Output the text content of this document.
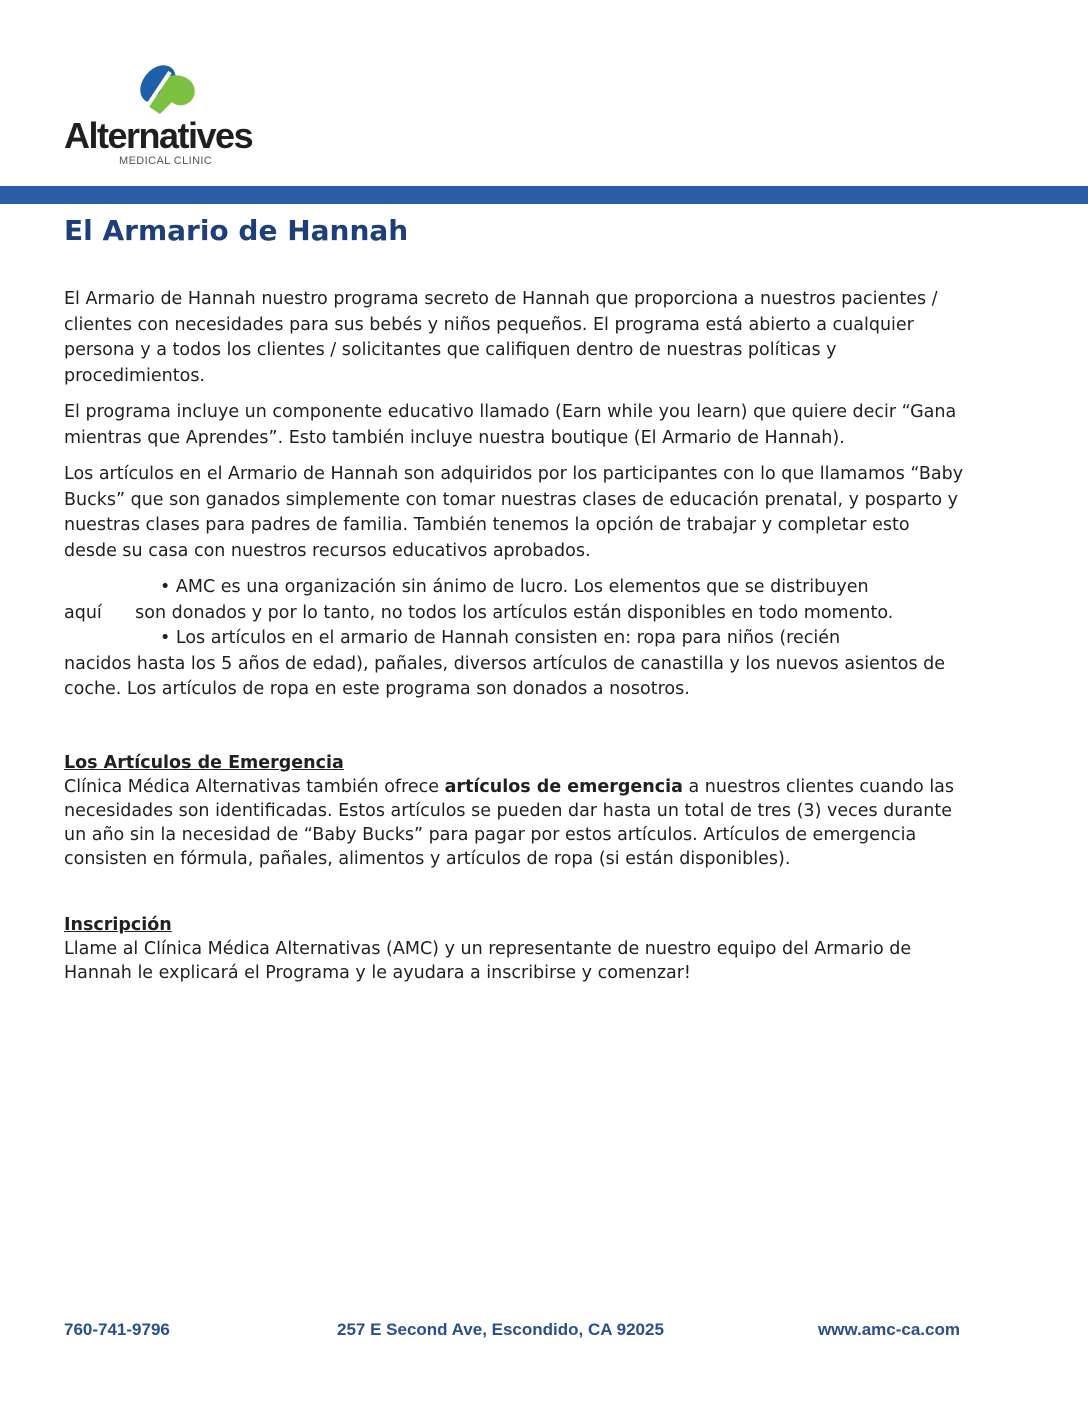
Alternatives
MEDICAL CLINIC
El Armario de Hannah

El Armario de Hannah nuestro programa secreto de Hannah que proporciona a nuestros pacientes / clientes con necesidades para sus bebés y niños pequeños. El programa está abierto a cualquier persona y a todos los clientes / solicitantes que califiquen dentro de nuestras políticas y procedimientos.

El programa incluye un componente educativo llamado (Earn while you learn) que quiere decir “Gana mientras que Aprendes”. Esto también incluye nuestra boutique (El Armario de Hannah).

Los artículos en el Armario de Hannah son adquiridos por los participantes con lo que llamamos “Baby Bucks” que son ganados simplemente con tomar nuestras clases de educación prenatal, y posparto y nuestras clases para padres de familia. También tenemos la opción de trabajar y completar esto desde su casa con nuestros recursos educativos aprobados.

• AMC es una organización sin ánimo de lucro. Los elementos que se distribuyen
aquí      son donados y por lo tanto, no todos los artículos están disponibles en todo momento.

• Los artículos en el armario de Hannah consisten en: ropa para niños (recién
nacidos hasta los 5 años de edad), pañales, diversos artículos de canastilla y los nuevos asientos de coche. Los artículos de ropa en este programa son donados a nosotros.

Los Artículos de Emergencia

Clínica Médica Alternativas también ofrece artículos de emergencia a nuestros clientes cuando las necesidades son identificadas. Estos artículos se pueden dar hasta un total de tres (3) veces durante un año sin la necesidad de “Baby Bucks” para pagar por estos artículos. Artículos de emergencia consisten en fórmula, pañales, alimentos y artículos de ropa (si están disponibles).

Inscripción

Llame al Clínica Médica Alternativas (AMC) y un representante de nuestro equipo del Armario de Hannah le explicará el Programa y le ayudara a inscribirse y comenzar!

760-741-9796	257 E Second Ave, Escondido, CA 92025	www.amc-ca.com
